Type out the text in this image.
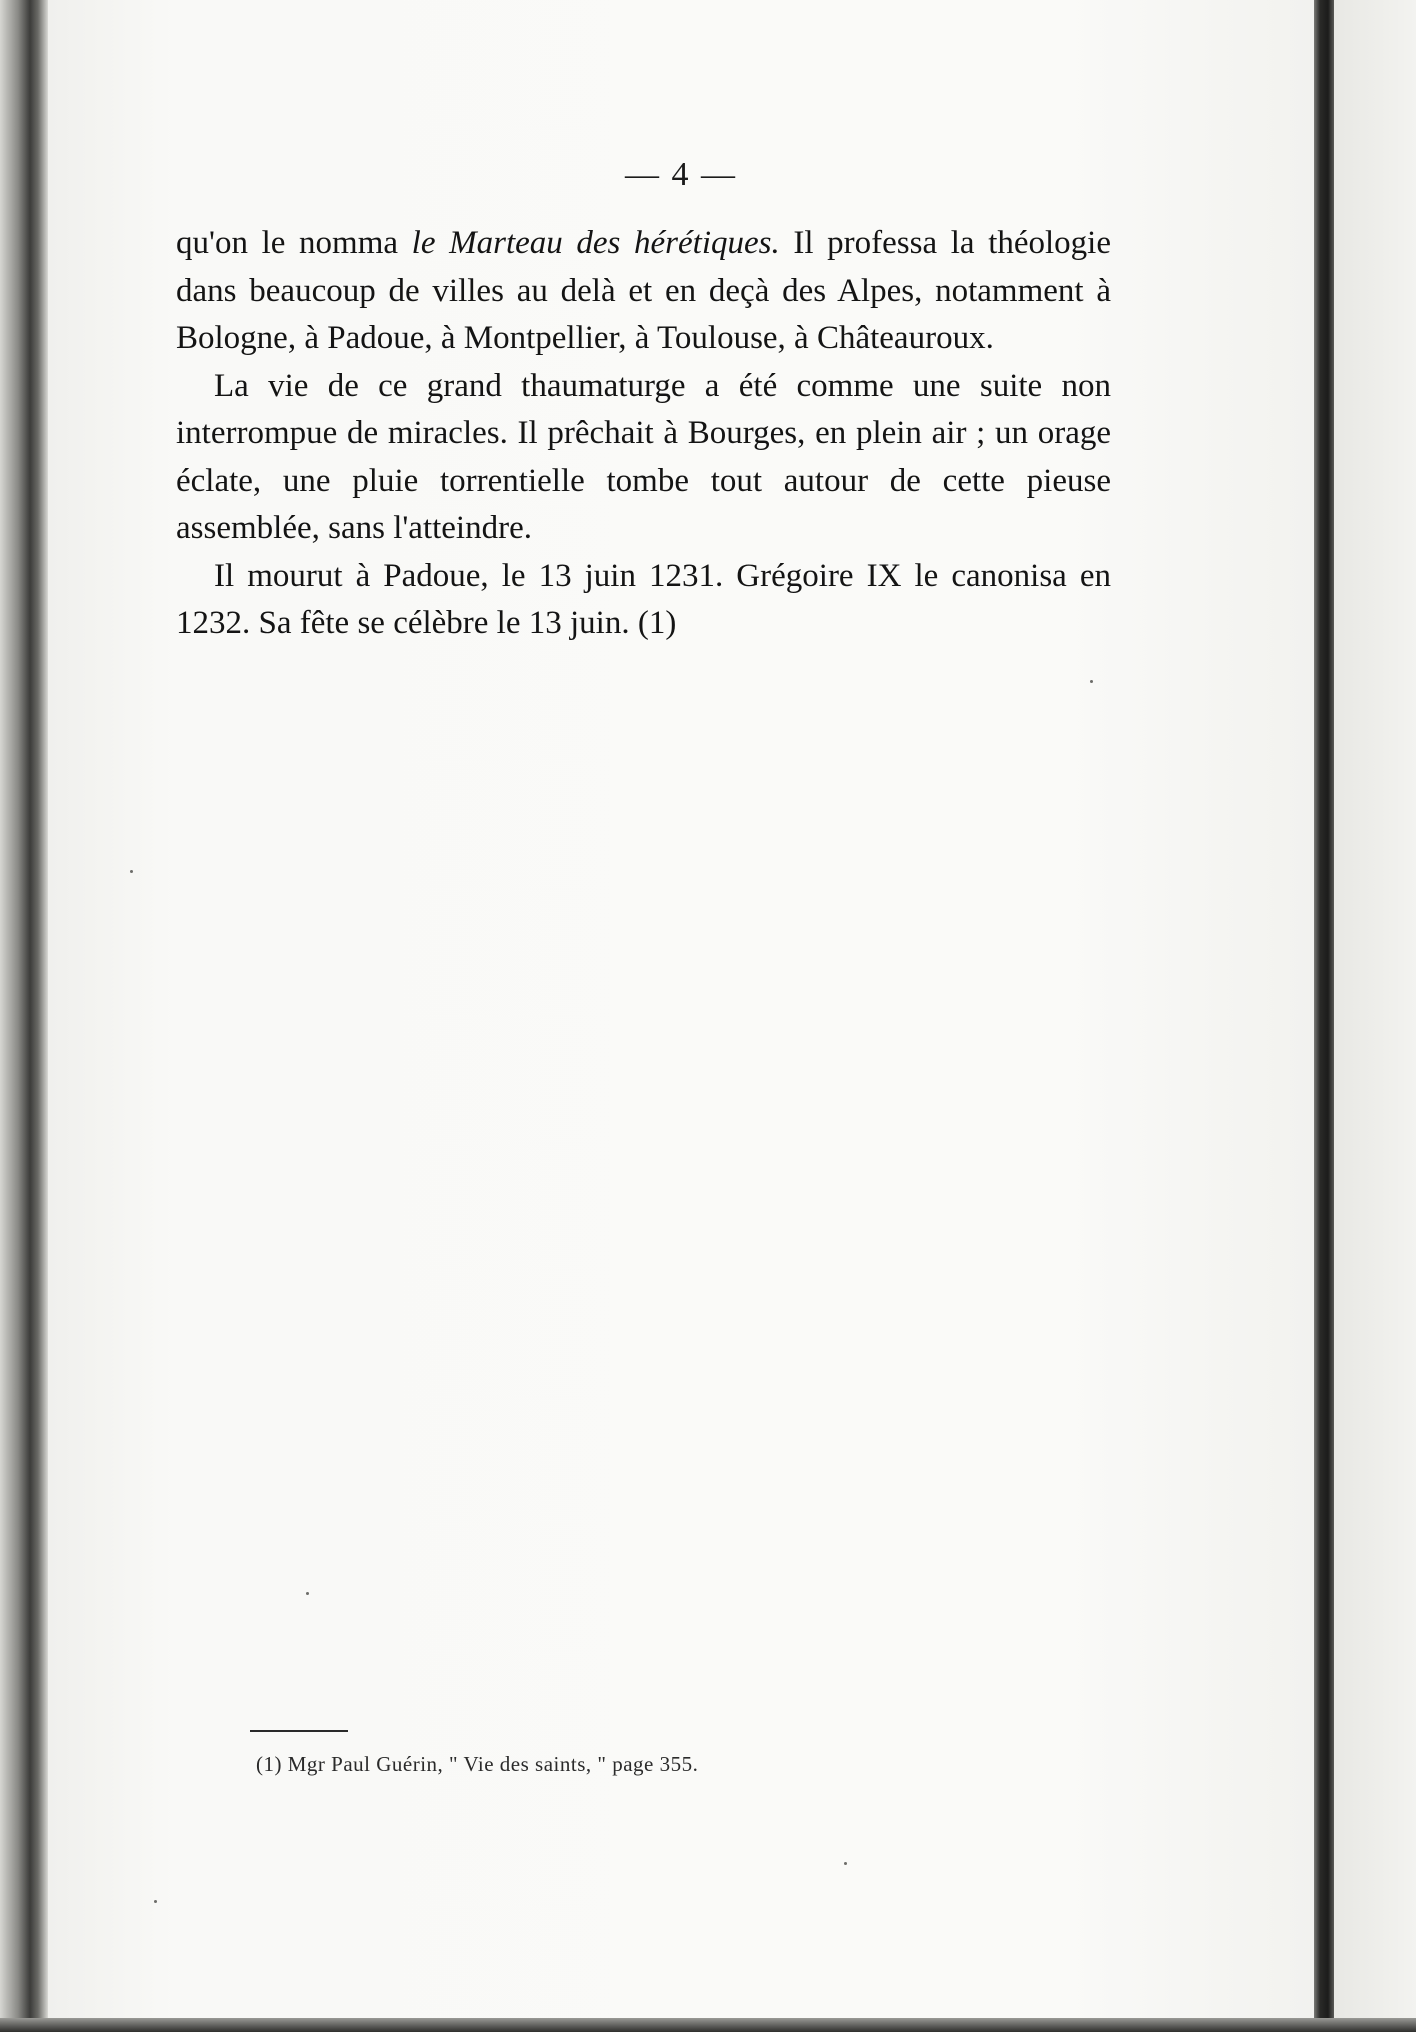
— 4 —

qu'on le nomma le Marteau des hérétiques. Il professa la théologie dans beaucoup de villes au delà et en deçà des Alpes, notamment à Bologne, à Padoue, à Montpellier, à Toulouse, à Châteauroux.

La vie de ce grand thaumaturge a été comme une suite non interrompue de miracles. Il prêchait à Bourges, en plein air ; un orage éclate, une pluie torrentielle tombe tout autour de cette pieuse assemblée, sans l'atteindre.

Il mourut à Padoue, le 13 juin 1231. Grégoire IX le canonisa en 1232. Sa fête se célèbre le 13 juin. (1)

(1) Mgr Paul Guérin, " Vie des saints, " page 355.
